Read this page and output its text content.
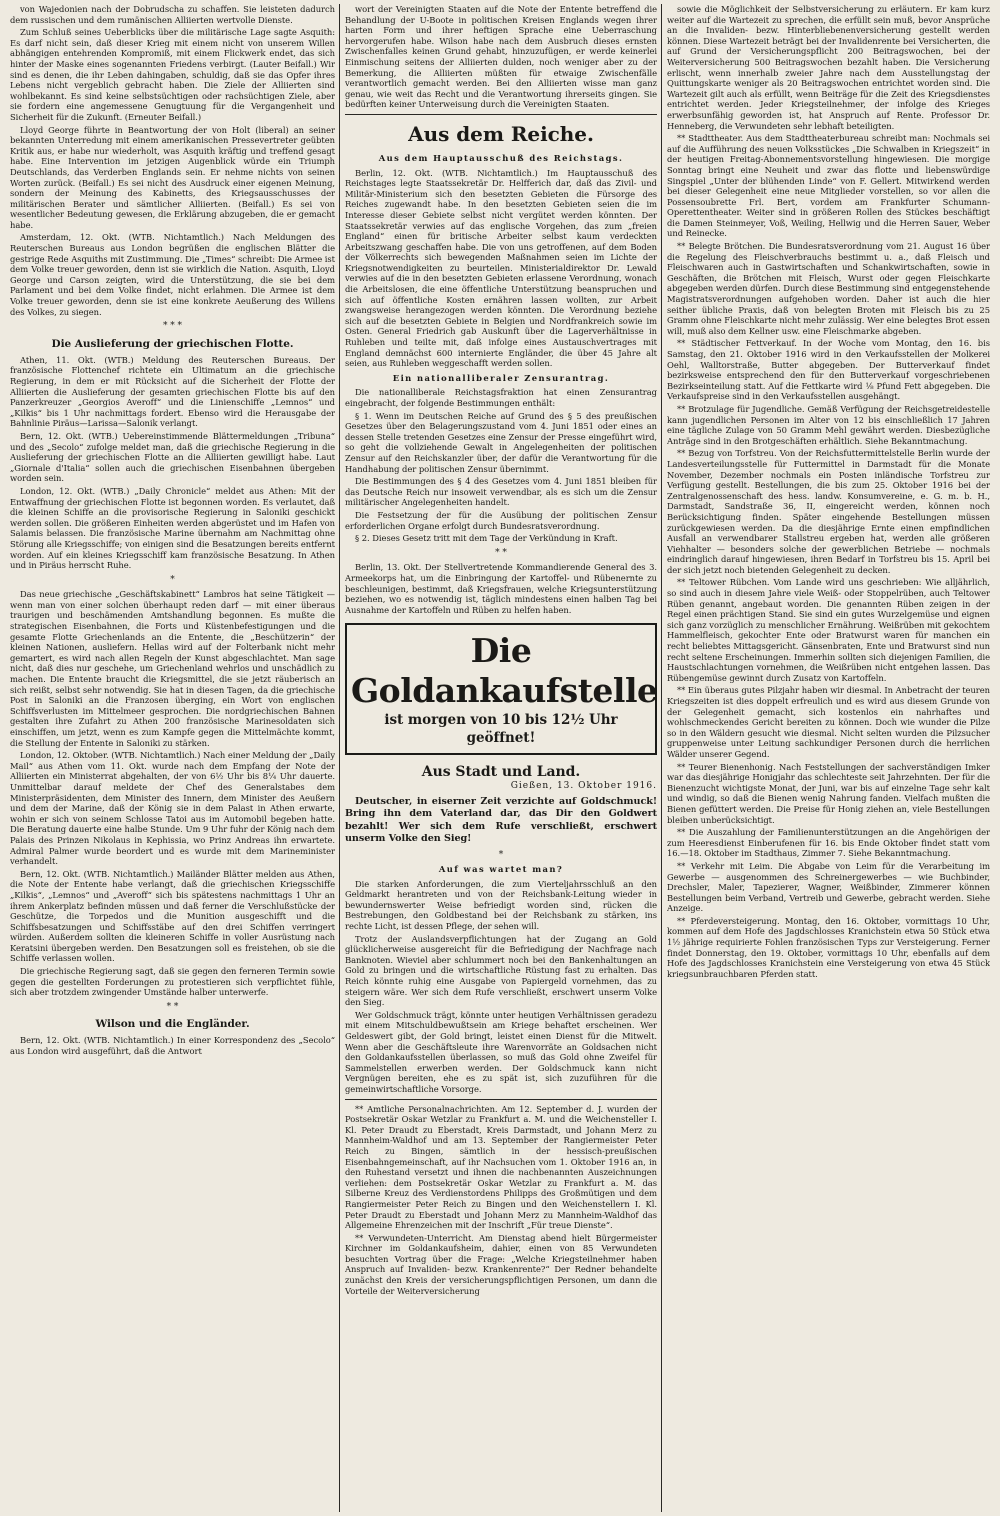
von Wajedonien nach der Dobrudscha zu schaffen. Sie leisteten dadurch dem russischen und dem rumänischen Alliierten wertvolle Dienste.

Zum Schluß seines Ueberblicks über die militärische Lage sagte Asquith: Es darf nicht sein, daß dieser Krieg mit einem nicht von unserem Willen abhängigen entehrenden Kompromiß, mit einem Flickwerk endet, das sich hinter der Maske eines sogenannten Friedens verbirgt. (Lauter Beifall.) Wir sind es denen, die ihr Leben dahingaben, schuldig, daß sie das Opfer ihres Lebens nicht vergeblich gebracht haben. Die Ziele der Alliierten sind wohlbekannt. Es sind keine selbstsüchtigen oder rachsüchtigen Ziele, aber sie fordern eine angemessene Genugtuung für die Vergangenheit und Sicherheit für die Zukunft. (Erneuter Beifall.)

Lloyd George führte in Beantwortung der von Holt (liberal) an seiner bekannten Unterredung mit einem amerikanischen Pressevertreter geübten Kritik aus, er habe nur wiederholt, was Asquith kräftig und treffend gesagt habe. Eine Intervention im jetzigen Augenblick würde ein Triumph Deutschlands, das Verderben Englands sein. Er nehme nichts von seinen Worten zurück. (Beifall.) Es sei nicht des Ausdruck einer eigenen Meinung, sondern der Meinung des Kabinetts, des Kriegsausschusses der militärischen Berater und sämtlicher Alliierten. (Beifall.) Es sei von wesentlicher Bedeutung gewesen, die Erklärung abzugeben, die er gemacht habe.

Amsterdam, 12. Okt. (WTB. Nichtamtlich.) Nach Meldungen des Reuterschen Bureaus aus London begrüßen die englischen Blätter die gestrige Rede Asquiths mit Zustimmung. Die „Times“ schreibt: Die Armee ist dem Volke treuer geworden, denn ist sie wirklich die Nation. Asquith, Lloyd George und Carson zeigten, wird die Unterstützung, die sie bei dem Parlament und bei dem Volke findet, nicht erlahmen. Die Armee ist dem Volke treuer geworden, denn sie ist eine konkrete Aeußerung des Willens des Volkes, zu siegen.

* * *
Die Auslieferung der griechischen Flotte.

Athen, 11. Okt. (WTB.) Meldung des Reuterschen Bureaus. Der französische Flottenchef richtete ein Ultimatum an die griechische Regierung, in dem er mit Rücksicht auf die Sicherheit der Flotte der Alliierten die Auslieferung der gesamten griechischen Flotte bis auf den Panzerkreuzer „Georgios Averoff“ und die Linienschiffe „Lemnos“ und „Kilkis“ bis 1 Uhr nachmittags fordert. Ebenso wird die Herausgabe der Bahnlinie Piräus—Larissa—Salonik verlangt.

Bern, 12. Okt. (WTB.) Uebereinstimmende Blättermeldungen „Tribuna“ und des „Secolo“ zufolge meldet man, daß die griechische Regierung in die Auslieferung der griechischen Flotte an die Alliierten gewilligt habe. Laut „Giornale d'Italia“ sollen auch die griechischen Eisenbahnen übergeben worden sein.

London, 12. Okt. (WTB.) „Daily Chronicle“ meldet aus Athen: Mit der Entwaffnung der griechischen Flotte ist begonnen worden. Es verlautet, daß die kleinen Schiffe an die provisorische Regierung in Saloniki geschickt werden sollen. Die größeren Einheiten werden abgerüstet und im Hafen von Salamis belassen. Die französische Marine übernahm am Nachmittag ohne Störung alle Kriegsschiffe; von einigen sind die Besatzungen bereits entfernt worden. Auf ein kleines Kriegsschiff kam französische Besatzung. In Athen und in Piräus herrscht Ruhe.

*

Das neue griechische „Geschäftskabinett“ Lambros hat seine Tätigkeit — wenn man von einer solchen überhaupt reden darf — mit einer überaus traurigen und beschämenden Amtshandlung begonnen. Es mußte die strategischen Eisenbahnen, die Forts und Küstenbefestigungen und die gesamte Flotte Griechenlands an die Entente, die „Beschützerin“ der kleinen Nationen, ausliefern. Hellas wird auf der Folterbank nicht mehr gemartert, es wird nach allen Regeln der Kunst abgeschlachtet. Man sage nicht, daß dies nur geschehe, um Griechenland wehrlos und unschädlich zu machen. Die Entente braucht die Kriegsmittel, die sie jetzt räuberisch an sich reißt, selbst sehr notwendig. Sie hat in diesen Tagen, da die griechische Post in Saloniki an die Franzosen überging, ein Wort von englischen Schiffsverlusten im Mittelmeer gesprochen. Die nordgriechischen Bahnen gestalten ihre Zufahrt zu Athen 200 französische Marinesoldaten sich einschiffen, um jetzt, wenn es zum Kampfe gegen die Mittelmächte kommt, die Stellung der Entente in Saloniki zu stärken.

London, 12. Oktober. (WTB. Nichtamtlich.) Nach einer Meldung der „Daily Mail“ aus Athen vom 11. Okt. wurde nach dem Empfang der Note der Alliierten ein Ministerrat abgehalten, der von 6½ Uhr bis 8¼ Uhr dauerte. Unmittelbar darauf meldete der Chef des Generalstabes dem Ministerpräsidenten, dem Minister des Innern, dem Minister des Aeußern und dem der Marine, daß der König sie in dem Palast in Athen erwarte, wohin er sich von seinem Schlosse Tatoi aus im Automobil begeben hatte. Die Beratung dauerte eine halbe Stunde. Um 9 Uhr fuhr der König nach dem Palais des Prinzen Nikolaus in Kephissia, wo Prinz Andreas ihn erwartete. Admiral Palmer wurde beordert und es wurde mit dem Marineminister verhandelt.

Bern, 12. Okt. (WTB. Nichtamtlich.) Mailänder Blätter melden aus Athen, die Note der Entente habe verlangt, daß die griechischen Kriegsschiffe „Kilkis“, „Lemnos“ und „Averoff“ sich bis spätestens nachmittags 1 Uhr an ihrem Ankerplatz befinden müssen und daß ferner die Verschlußstücke der Geschütze, die Torpedos und die Munition ausgeschifft und die Schiffsbesatzungen und Schiffsstäbe auf den drei Schiffen verringert würden. Außerdem sollten die kleineren Schiffe in voller Ausrüstung nach Keratsini übergeben werden. Den Besatzungen soll es freistehen, ob sie die Schiffe verlassen wollen.

Die griechische Regierung sagt, daß sie gegen den ferneren Termin sowie gegen die gestellten Forderungen zu protestieren sich verpflichtet fühle, sich aber trotzdem zwingender Umstände halber unterwerfe.

* *
Wilson und die Engländer.

Bern, 12. Okt. (WTB. Nichtamtlich.) In einer Korrespondenz des „Secolo“ aus London wird ausgeführt, daß die Antwort

wort der Vereinigten Staaten auf die Note der Entente betreffend die Behandlung der U-Boote in politischen Kreisen Englands wegen ihrer harten Form und ihrer heftigen Sprache eine Ueberraschung hervorgerufen habe. Wilson habe nach dem Ausbruch dieses ernsten Zwischenfalles keinen Grund gehabt, hinzuzufügen, er werde keinerlei Einmischung seitens der Alliierten dulden, noch weniger aber zu der Bemerkung, die Alliierten müßten für etwaige Zwischenfälle verantwortlich gemacht werden. Bei den Alliierten wisse man ganz genau, wie weit das Recht und die Verantwortung ihrerseits gingen. Sie bedürften keiner Unterweisung durch die Vereinigten Staaten.

Aus dem Reiche.
Aus dem Hauptausschuß des Reichstags.

Berlin, 12. Okt. (WTB. Nichtamtlich.) Im Hauptausschuß des Reichstages legte Staatssekretär Dr. Helfferich dar, daß das Zivil- und Militär-Ministerium sich den besetzten Gebieten die Fürsorge des Reiches zugewandt habe. In den besetzten Gebieten seien die im Interesse dieser Gebiete selbst nicht vergütet werden könnten. Der Staatssekretär verwies auf das englische Vorgehen, das zum „freien England“ einen für britische Arbeiter selbst kaum verdeckten Arbeitszwang geschaffen habe. Die von uns getroffenen, auf dem Boden der Völkerrechts sich bewegenden Maßnahmen seien im Lichte der Kriegsnotwendigkeiten zu beurteilen. Ministerialdirektor Dr. Lewald verwies auf die in den besetzten Gebieten erlassene Verordnung, wonach die Arbeitslosen, die eine öffentliche Unterstützung beanspruchen und sich auf öffentliche Kosten ernähren lassen wollten, zur Arbeit zwangsweise herangezogen werden könnten. Die Verordnung beziehe sich auf die besetzten Gebiete in Belgien und Nordfrankreich sowie im Osten. General Friedrich gab Auskunft über die Lagerverhältnisse in Ruhleben und teilte mit, daß infolge eines Austauschvertrages mit England demnächst 600 internierte Engländer, die über 45 Jahre alt seien, aus Ruhleben weggeschafft werden sollen.

Ein nationalliberaler Zensurantrag.

Die nationalliberale Reichstagsfraktion hat einen Zensurantrag eingebracht, der folgende Bestimmungen enthält:

§ 1. Wenn im Deutschen Reiche auf Grund des § 5 des preußischen Gesetzes über den Belagerungszustand vom 4. Juni 1851 oder eines an dessen Stelle tretenden Gesetzes eine Zensur der Presse eingeführt wird, so geht die vollziehende Gewalt in Angelegenheiten der politischen Zensur auf den Reichskanzler über, der dafür die Verantwortung für die Handhabung der politischen Zensur übernimmt.

Die Bestimmungen des § 4 des Gesetzes vom 4. Juni 1851 bleiben für das Deutsche Reich nur insoweit verwendbar, als es sich um die Zensur militärischer Angelegenheiten handelt.

Die Festsetzung der für die Ausübung der politischen Zensur erforderlichen Organe erfolgt durch Bundesratsverordnung.

§ 2. Dieses Gesetz tritt mit dem Tage der Verkündung in Kraft.

* *

Berlin, 13. Okt. Der Stellvertretende Kommandierende General des 3. Armeekorps hat, um die Einbringung der Kartoffel- und Rübenernte zu beschleunigen, bestimmt, daß Kriegsfrauen, welche Kriegsunterstützung beziehen, wo es notwendig ist, täglich mindestens einen halben Tag bei Ausnahme der Kartoffeln und Rüben zu helfen haben.

Die Goldankaufstelle
ist morgen von 10 bis 12½ Uhr geöffnet!
Aus Stadt und Land.
Gießen, 13. Oktober 1916.
Deutscher, in eiserner Zeit verzichte auf Goldschmuck! Bring ihn dem Vaterland dar, das Dir den Goldwert bezahlt! Wer sich dem Rufe verschließt, erschwert unserm Volke den Sieg!
*
Auf was wartet man?

Die starken Anforderungen, die zum Vierteljahrsschluß an den Geldmarkt herantreten und von der Reichsbank-Leitung wieder in bewundernswerter Weise befriedigt worden sind, rücken die Bestrebungen, den Goldbestand bei der Reichsbank zu stärken, ins rechte Licht, ist dessen Pflege, der sehen will.

Trotz der Auslandsverpflichtungen hat der Zugang an Gold glücklicherweise ausgereicht für die Befriedigung der Nachfrage nach Banknoten. Wieviel aber schlummert noch bei den Bankenhaltungen an Gold zu bringen und die wirtschaftliche Rüstung fast zu erhalten. Das Reich könnte ruhig eine Ausgabe von Papiergeld vornehmen, das zu steigern wäre. Wer sich dem Rufe verschließt, erschwert unserm Volke den Sieg.

Wer Goldschmuck trägt, könnte unter heutigen Verhältnissen geradezu mit einem Mitschuldbewußtsein am Kriege behaftet erscheinen. Wer Geldeswert gibt, der Gold bringt, leistet einen Dienst für die Mitwelt. Wenn aber die Geschäftsleute ihre Warenvorräte an Goldsachen nicht den Goldankaufsstellen überlassen, so muß das Gold ohne Zweifel für Sammelstellen erwerben werden. Der Goldschmuck kann nicht Vergnügen bereiten, ehe es zu spät ist, sich zuzuführen für die gemeinwirtschaftliche Vorsorge.

** Amtliche Personalnachrichten. Am 12. September d. J. wurden der Postsekretär Oskar Wetzlar zu Frankfurt a. M. und die Weichensteller I. Kl. Peter Draudt zu Eberstadt, Kreis Darmstadt, und Johann Merz zu Mannheim-Waldhof und am 13. September der Rangiermeister Peter Reich zu Bingen, sämtlich in der hessisch-preußischen Eisenbahngemeinschaft, auf ihr Nachsuchen vom 1. Oktober 1916 an, in den Ruhestand versetzt und ihnen die nachbenannten Auszeichnungen verliehen: dem Postsekretär Oskar Wetzlar zu Frankfurt a. M. das Silberne Kreuz des Verdienstordens Philipps des Großmütigen und dem Rangiermeister Peter Reich zu Bingen und den Weichenstellern I. Kl. Peter Draudt zu Eberstadt und Johann Merz zu Mannheim-Waldhof das Allgemeine Ehrenzeichen mit der Inschrift „Für treue Dienste“.

** Verwundeten-Unterricht. Am Dienstag abend hielt Bürgermeister Kirchner im Goldankaufsheim, dahier, einen von 85 Verwundeten besuchten Vortrag über die Frage: „Welche Kriegsteilnehmer haben Anspruch auf Invaliden- bezw. Krankenrente?“ Der Redner behandelte zunächst den Kreis der versicherungspflichtigen Personen, um dann die Vorteile der Weiterversicherung

sowie die Möglichkeit der Selbstversicherung zu erläutern. Er kam kurz weiter auf die Wartezeit zu sprechen, die erfüllt sein muß, bevor Ansprüche an die Invaliden- bezw. Hinterbliebenenversicherung gestellt werden können. Diese Wartezeit beträgt bei der Invalidenrente bei Versicherten, die auf Grund der Versicherungspflicht 200 Beitragswochen, bei der Weiterversicherung 500 Beitragswochen bezahlt haben. Die Versicherung erlischt, wenn innerhalb zweier Jahre nach dem Ausstellungstag der Quittungskarte weniger als 20 Beitragswochen entrichtet worden sind. Die Wartezeit gilt auch als erfüllt, wenn Beiträge für die Zeit des Kriegsdienstes entrichtet werden. Jeder Kriegsteilnehmer, der infolge des Krieges erwerbsunfähig geworden ist, hat Anspruch auf Rente. Professor Dr. Henneberg, die Verwundeten sehr lebhaft beteiligten.

** Stadttheater. Aus dem Stadttheaterbureau schreibt man: Nochmals sei auf die Aufführung des neuen Volksstückes „Die Schwalben in Kriegszeit“ in der heutigen Freitag-Abonnementsvorstellung hingewiesen. Die morgige Sonntag bringt eine Neuheit und zwar das flotte und liebenswürdige Singspiel „Unter der blühenden Linde“ von F. Gellert. Mitwirkend werden bei dieser Gelegenheit eine neue Mitglieder vorstellen, so vor allen die Possensoubrette Frl. Bert, vordem am Frankfurter Schumann-Operettentheater. Weiter sind in größeren Rollen des Stückes beschäftigt die Damen Steinmeyer, Voß, Weiling, Hellwig und die Herren Sauer, Weber und Reinecke.

** Belegte Brötchen. Die Bundesratsverordnung vom 21. August 16 über die Regelung des Fleischverbrauchs bestimmt u. a., daß Fleisch und Fleischwaren auch in Gastwirtschaften und Schankwirtschaften, sowie in Geschäften, die Brötchen mit Fleisch, Wurst oder gegen Fleischkarte abgegeben werden dürfen. Durch diese Bestimmung sind entgegenstehende Magistratsverordnungen aufgehoben worden. Daher ist auch die hier seither übliche Praxis, daß von belegten Broten mit Fleisch bis zu 25 Gramm ohne Fleischkarte nicht mehr zulässig. Wer eine belegtes Brot essen will, muß also dem Kellner usw. eine Fleischmarke abgeben.

** Städtischer Fettverkauf. In der Woche vom Montag, den 16. bis Samstag, den 21. Oktober 1916 wird in den Verkaufsstellen der Molkerei Oehl, Walltorstraße, Butter abgegeben. Der Butterverkauf findet bezirksweise entsprechend den für den Butterverkauf vorgeschriebenen Bezirkseinteilung statt. Auf die Fettkarte wird ⅛ Pfund Fett abgegeben. Die Verkaufspreise sind in den Verkaufsstellen ausgehängt.

** Brotzulage für Jugendliche. Gemäß Verfügung der Reichsgetreidestelle kann jugendlichen Personen im Alter von 12 bis einschließlich 17 Jahren eine tägliche Zulage von 50 Gramm Mehl gewährt werden. Diesbezügliche Anträge sind in den Brotgeschäften erhältlich. Siehe Bekanntmachung.

** Bezug von Torfstreu. Von der Reichsfuttermittelstelle Berlin wurde der Landesverteilungsstelle für Futtermittel in Darmstadt für die Monate November, Dezember nochmals ein Posten inländische Torfstreu zur Verfügung gestellt. Bestellungen, die bis zum 25. Oktober 1916 bei der Zentralgenossenschaft des hess. landw. Konsumvereine, e. G. m. b. H., Darmstadt, Sandstraße 36, II, eingereicht werden, können noch Berücksichtigung finden. Später eingehende Bestellungen müssen zurückgewiesen werden. Da die diesjährige Ernte einen empfindlichen Ausfall an verwendbarer Stallstreu ergeben hat, werden alle größeren Viehhalter — besonders solche der gewerblichen Betriebe — nochmals eindringlich darauf hingewiesen, ihren Bedarf in Torfstreu bis 15. April bei der sich jetzt noch bietenden Gelegenheit zu decken.

** Teltower Rübchen. Vom Lande wird uns geschrieben: Wie alljährlich, so sind auch in diesem Jahre viele Weiß- oder Stoppelrüben, auch Teltower Rüben genannt, angebaut worden. Die genannten Rüben zeigen in der Regel einen prächtigen Stand. Sie sind ein gutes Wurzelgemüse und eignen sich ganz vorzüglich zu menschlicher Ernährung. Weißrüben mit gekochtem Hammelfleisch, gekochter Ente oder Bratwurst waren für manchen ein recht beliebtes Mittagsgericht. Gänsenbraten, Ente und Bratwurst sind nun recht seltene Erscheinungen. Immerhin sollten sich diejenigen Familien, die Haustschlachtungen vornehmen, die Weißrüben nicht entgehen lassen. Das Rübengemüse gewinnt durch Zusatz von Kartoffeln.

** Ein überaus gutes Pilzjahr haben wir diesmal. In Anbetracht der teuren Kriegszeiten ist dies doppelt erfreulich und es wird aus diesem Grunde von der Gelegenheit gemacht, sich kostenlos ein nahrhaftes und wohlschmeckendes Gericht bereiten zu können. Doch wie wunder die Pilze so in den Wäldern gesucht wie diesmal. Nicht selten wurden die Pilzsucher gruppenweise unter Leitung sachkundiger Personen durch die herrlichen Wälder unserer Gegend.

** Teurer Bienenhonig. Nach Feststellungen der sachverständigen Imker war das diesjährige Honigjahr das schlechteste seit Jahrzehnten. Der für die Bienenzucht wichtigste Monat, der Juni, war bis auf einzelne Tage sehr kalt und windig, so daß die Bienen wenig Nahrung fanden. Vielfach mußten die Bienen gefüttert werden. Die Preise für Honig ziehen an, viele Bestellungen bleiben unberücksichtigt.

** Die Auszahlung der Familienunterstützungen an die Angehörigen der zum Heeresdienst Einberufenen für 16. bis Ende Oktober findet statt vom 16.—18. Oktober im Stadthaus, Zimmer 7. Siehe Bekanntmachung.

** Verkehr mit Leim. Die Abgabe von Leim für die Verarbeitung im Gewerbe — ausgenommen des Schreinergewerbes — wie Buchbinder, Drechsler, Maler, Tapezierer, Wagner, Weißbinder, Zimmerer können Bestellungen beim Verband, Vertreib und Gewerbe, gebracht werden. Siehe Anzeige.

** Pferdeversteigerung. Montag, den 16. Oktober, vormittags 10 Uhr, kommen auf dem Hofe des Jagdschlosses Kranichstein etwa 50 Stück etwa 1½ jährige requirierte Fohlen französischen Typs zur Versteigerung. Ferner findet Donnerstag, den 19. Oktober, vormittags 10 Uhr, ebenfalls auf dem Hofe des Jagdschlosses Kranichstein eine Versteigerung von etwa 45 Stück kriegsunbrauchbaren Pferden statt.
